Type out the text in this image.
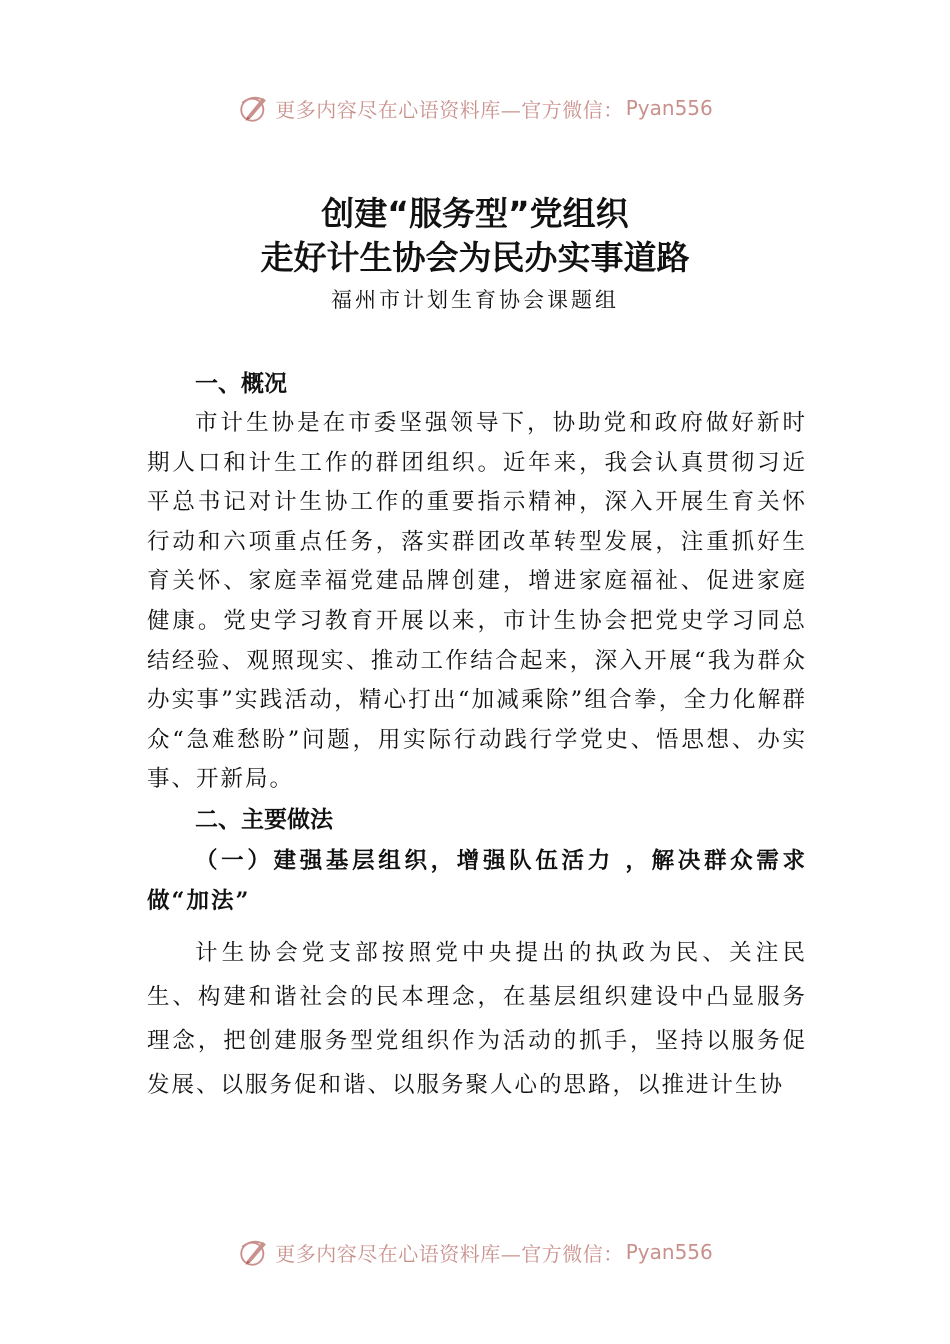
更多内容尽在心语资料库—官方微信： Pyan556
创建“服务型”党组织
走好计生协会为民办实事道路
福州市计划生育协会课题组
一、概况

市计生协是在市委坚强领导下，协助党和政府做好新时期人口和计生工作的群团组织。近年来，我会认真贯彻习近平总书记对计生协工作的重要指示精神，深入开展生育关怀行动和六项重点任务，落实群团改革转型发展，注重抓好生育关怀、家庭幸福党建品牌创建，增进家庭福祉、促进家庭健康。党史学习教育开展以来，市计生协会把党史学习同总结经验、观照现实、推动工作结合起来，深入开展“我为群众办实事”实践活动，精心打出“加减乘除”组合拳，全力化解群众“急难愁盼”问题，用实际行动践行学党史、悟思想、办实事、开新局。

二、主要做法

（一）建强基层组织，增强队伍活力 ，解决群众需求做“加法”

计生协会党支部按照党中央提出的执政为民、关注民生、构建和谐社会的民本理念，在基层组织建设中凸显服务理念，把创建服务型党组织作为活动的抓手，坚持以服务促发展、以服务促和谐、以服务聚人心的思路，以推进计生协

更多内容尽在心语资料库—官方微信： Pyan556
